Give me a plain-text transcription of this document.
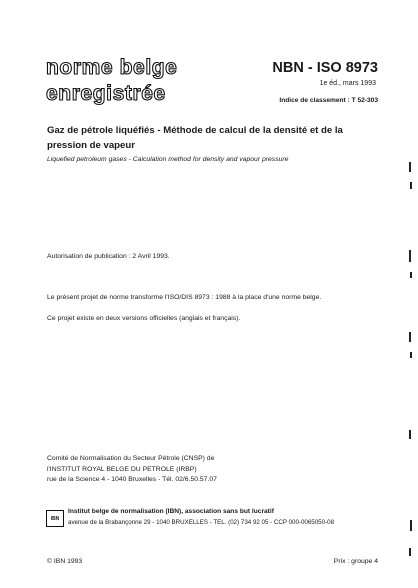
norme belge
enregistrée
NBN - ISO 8973
1e éd., mars 1993
Indice de classement : T 52-303
Gaz de pétrole liquéfiés - Méthode de calcul de la densité et de la pression de vapeur
Liquefied petroleum gases - Calculation method for density and vapour pressure
Autorisation de publication : 2 Avril 1993.
Le présent projet de norme transforme l'ISO/DIS 8973 : 1988 à la place d'une norme belge.
Ce projet existe en deux versions officielles (anglais et français).
Comité de Normalisation du Secteur Pétrole (CNSP) de
l'INSTITUT ROYAL BELGE DU PETROLE (IRBP)
rue de la Science 4 - 1040 Bruxelles - Tél. 02/6.50.57.07
IBN
Institut belge de normalisation (IBN), association sans but lucratif
avenue de la Brabançonne 29 - 1040 BRUXELLES - TEL. (02) 734 92 05 - CCP 000-0065050-08
© IBN 1993	Prix : groupe 4
